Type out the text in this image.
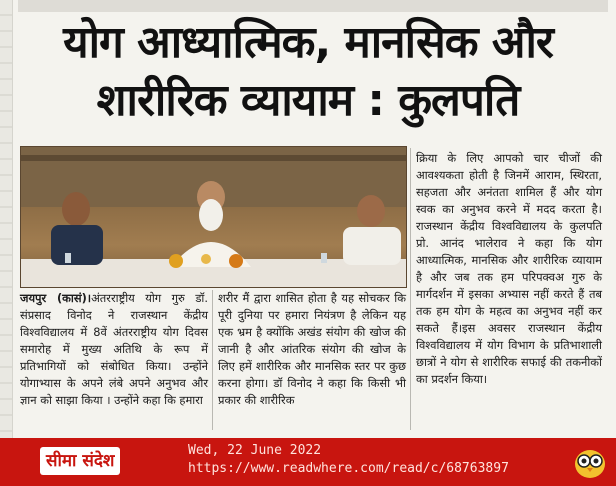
योग आध्यात्मिक, मानसिक और
शारीरिक व्यायाम : कुलपति

जयपुर (कासं)।अंतरराष्ट्रीय योग गुरु डॉ. संप्रसाद विनोद ने राजस्थान केंद्रीय विश्वविद्यालय में 8वें अंतरराष्ट्रीय योग दिवस समारोह में मुख्य अतिथि के रूप में प्रतिभागियों को संबोधित किया। उन्होंने योगाभ्यास के अपने लंबे अपने अनुभव और ज्ञान को साझा किया । उन्होंने कहा कि हमारा

शरीर मैं द्वारा शासित होता है यह सोचकर कि पूरी दुनिया पर हमारा नियंत्रण है लेकिन यह एक भ्रम है क्योंकि अखंड संयोग की खोज की जानी है और आंतरिक संयोग की खोज के लिए हमें शारीरिक और मानसिक स्तर पर कुछ करना होगा। डॉ विनोद ने कहा कि किसी भी प्रकार की शारीरिक

क्रिया के लिए आपको चार चीजों की आवश्यकता होती है जिनमें आराम, स्थिरता, सहजता और अनंतता शामिल हैं और योग स्वक का अनुभव करने में मदद करता है।राजस्थान केंद्रीय विश्वविद्यालय के कुलपति प्रो. आनंद भालेराव ने कहा कि योग आध्यात्मिक, मानसिक और शारीरिक व्यायाम है और जब तक हम परिपक्वअ गुरु के मार्गदर्शन में इसका अभ्यास नहीं करते हैं तब तक हम योग के महत्व का अनुभव नहीं कर सकते हैं।इस अवसर राजस्थान केंद्रीय विश्वविद्यालय में योग विभाग के प्रतिभाशाली छात्रों ने योग से शारीरिक सफाई की तकनीकों का प्रदर्शन किया।

सीमा संदेश
Wed, 22 June 2022
https://www.readwhere.com/read/c/68763897
